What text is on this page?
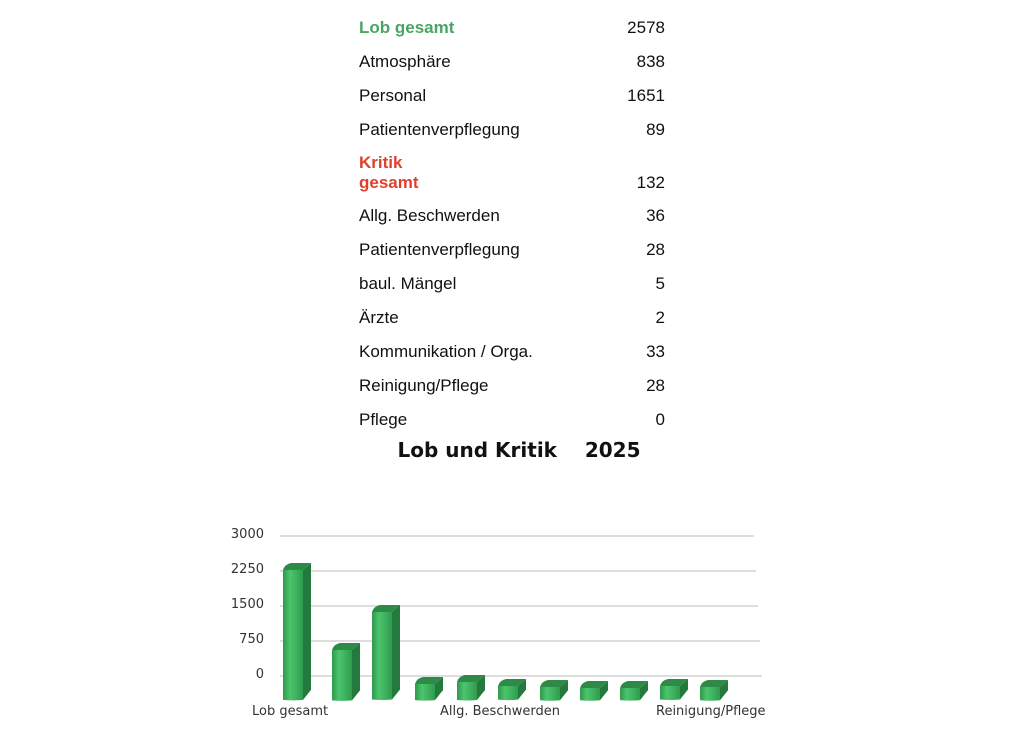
Lob gesamt	2578
Atmosphäre	838
Personal	1651
Patientenverpflegung	89
Kritik
gesamt	132
Allg. Beschwerden	36
Patientenverpflegung	28
baul. Mängel	5
Ärzte	2
Kommunikation / Orga.	33
Reinigung/Pflege	28
Pflege	0
Lob und Kritik    2025
0
750
1500
2250
3000
Lob gesamt	Allg. Beschwerden	Reinigung/Pflege
